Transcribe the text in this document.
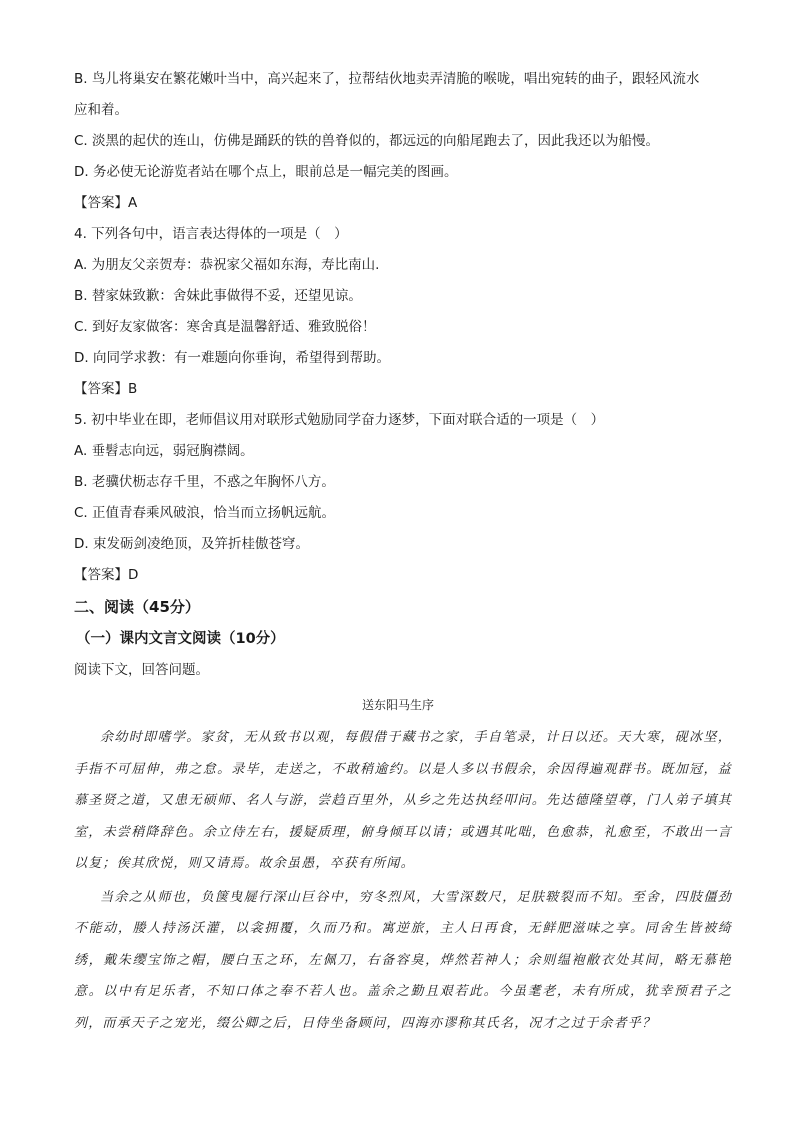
B. 鸟儿将巢安在繁花嫩叶当中，高兴起来了，拉帮结伙地卖弄清脆的喉咙，唱出宛转的曲子，跟轻风流水

应和着。

C. 淡黑的起伏的连山，仿佛是踊跃的铁的兽脊似的，都远远的向船尾跑去了，因此我还以为船慢。

D. 务必使无论游览者站在哪个点上，眼前总是一幅完美的图画。

【答案】A

4. 下列各句中，语言表达得体的一项是（　）

A. 为朋友父亲贺寿：恭祝家父福如东海，寿比南山.

B. 替家妹致歉：舍妹此事做得不妥，还望见谅。

C. 到好友家做客：寒舍真是温馨舒适、雅致脱俗！

D. 向同学求教：有一难题向你垂询，希望得到帮助。

【答案】B

5. 初中毕业在即，老师倡议用对联形式勉励同学奋力逐梦，下面对联合适的一项是（　）

A. 垂髫志向远，弱冠胸襟阔。

B. 老骥伏枥志存千里，不惑之年胸怀八方。

C. 正值青春乘风破浪，恰当而立扬帆远航。

D. 束发砺剑凌绝顶，及笄折桂傲苍穹。

【答案】D

二、阅读（45分）

（一）课内文言文阅读（10分）

阅读下文，回答问题。

送东阳马生序

余幼时即嗜学。家贫，无从致书以观，每假借于藏书之家，手自笔录，计日以还。天大寒，砚冰坚，手指不可屈伸，弗之怠。录毕，走送之，不敢稍逾约。以是人多以书假余，余因得遍观群书。既加冠，益慕圣贤之道，又患无硕师、名人与游，尝趋百里外，从乡之先达执经叩问。先达德隆望尊，门人弟子填其室，未尝稍降辞色。余立侍左右，援疑质理，俯身倾耳以请；或遇其叱咄，色愈恭，礼愈至，不敢出一言以复；俟其欣悦，则又请焉。故余虽愚，卒获有所闻。

当余之从师也，负箧曳屣行深山巨谷中，穷冬烈风，大雪深数尺，足肤皲裂而不知。至舍，四肢僵劲不能动，媵人持汤沃灌，以衾拥覆，久而乃和。寓逆旅，主人日再食，无鲜肥滋味之享。同舍生皆被绮绣，戴朱缨宝饰之帽，腰白玉之环，左佩刀，右备容臭，烨然若神人；余则缊袍敝衣处其间，略无慕艳意。以中有足乐者，不知口体之奉不若人也。盖余之勤且艰若此。今虽耄老，未有所成，犹幸预君子之列，而承天子之宠光，缀公卿之后，日侍坐备顾问，四海亦谬称其氏名，况才之过于余者乎？
